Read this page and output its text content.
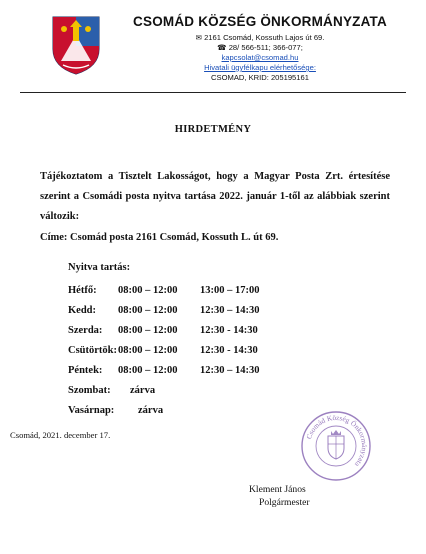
CSOMÁD KÖZSÉG ÖNKORMÁNYZATA
✉ 2161 Csomád, Kossuth Lajos út 69.
☎ 28/ 566-511; 366-077;
kapcsolat@csomad.hu
Hivatali ügyfélkapu elérhetősége:
CSOMAD, KRID: 205195161
HIRDETMÉNY
Tájékoztatom a Tisztelt Lakosságot, hogy a Magyar Posta Zrt. értesítése szerint a Csomádi posta nyitva tartása 2022. január 1-től az alábbiak szerint változik:
Címe: Csomád posta 2161 Csomád, Kossuth L. út 69.
Nyitva tartás:
Hétfő: 08:00 – 12:00 13:00 – 17:00
Kedd: 08:00 – 12:00 12:30 – 14:30
Szerda: 08:00 – 12:00 12:30 - 14:30
Csütörtök: 08:00 – 12:00 12:30 - 14:30
Péntek: 08:00 – 12:00 12:30 – 14:30
Szombat: zárva
Vasárnap: zárva
Csomád, 2021. december 17.	Csomád Község Önkormányzata
Klement János
Polgármester
